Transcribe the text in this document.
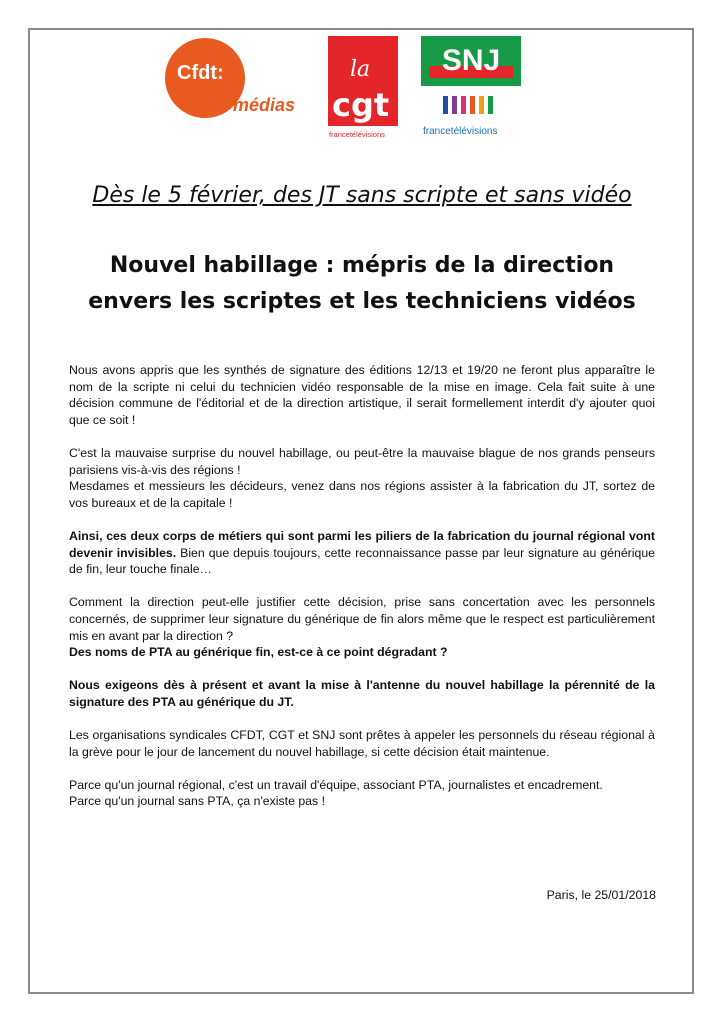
Cfdt:
médias
la
cgt
francetélévisions
SNJ
francetélévisions
Dès le 5 février, des JT sans scripte et sans vidéo
Nouvel habillage : mépris de la direction
envers les scriptes et les techniciens vidéos

Nous avons appris que les synthés de signature des éditions 12/13 et 19/20 ne feront plus apparaître le nom de la scripte ni celui du technicien vidéo responsable de la mise en image. Cela fait suite à une décision commune de l'éditorial et de la direction artistique, il serait formellement interdit d'y ajouter quoi que ce soit !

C'est la mauvaise surprise du nouvel habillage, ou peut-être la mauvaise blague de nos grands penseurs parisiens vis-à-vis des régions !
Mesdames et messieurs les décideurs, venez dans nos régions assister à la fabrication du JT, sortez de vos bureaux et de la capitale !

Ainsi, ces deux corps de métiers qui sont parmi les piliers de la fabrication du journal régional vont devenir invisibles. Bien que depuis toujours, cette reconnaissance passe par leur signature au générique de fin, leur touche finale…

Comment la direction peut-elle justifier cette décision, prise sans concertation avec les personnels concernés, de supprimer leur signature du générique de fin alors même que le respect est particulièrement mis en avant par la direction ?
Des noms de PTA au générique fin, est-ce à ce point dégradant ?

Nous exigeons dès à présent et avant la mise à l'antenne du nouvel habillage la pérennité de la signature des PTA au générique du JT.

Les organisations syndicales CFDT, CGT et SNJ sont prêtes à appeler les personnels du réseau régional à la grève pour le jour de lancement du nouvel habillage, si cette décision était maintenue.

Parce qu'un journal régional, c'est un travail d'équipe, associant PTA, journalistes et encadrement.
Parce qu'un journal sans PTA, ça n'existe pas !

Paris, le 25/01/2018
